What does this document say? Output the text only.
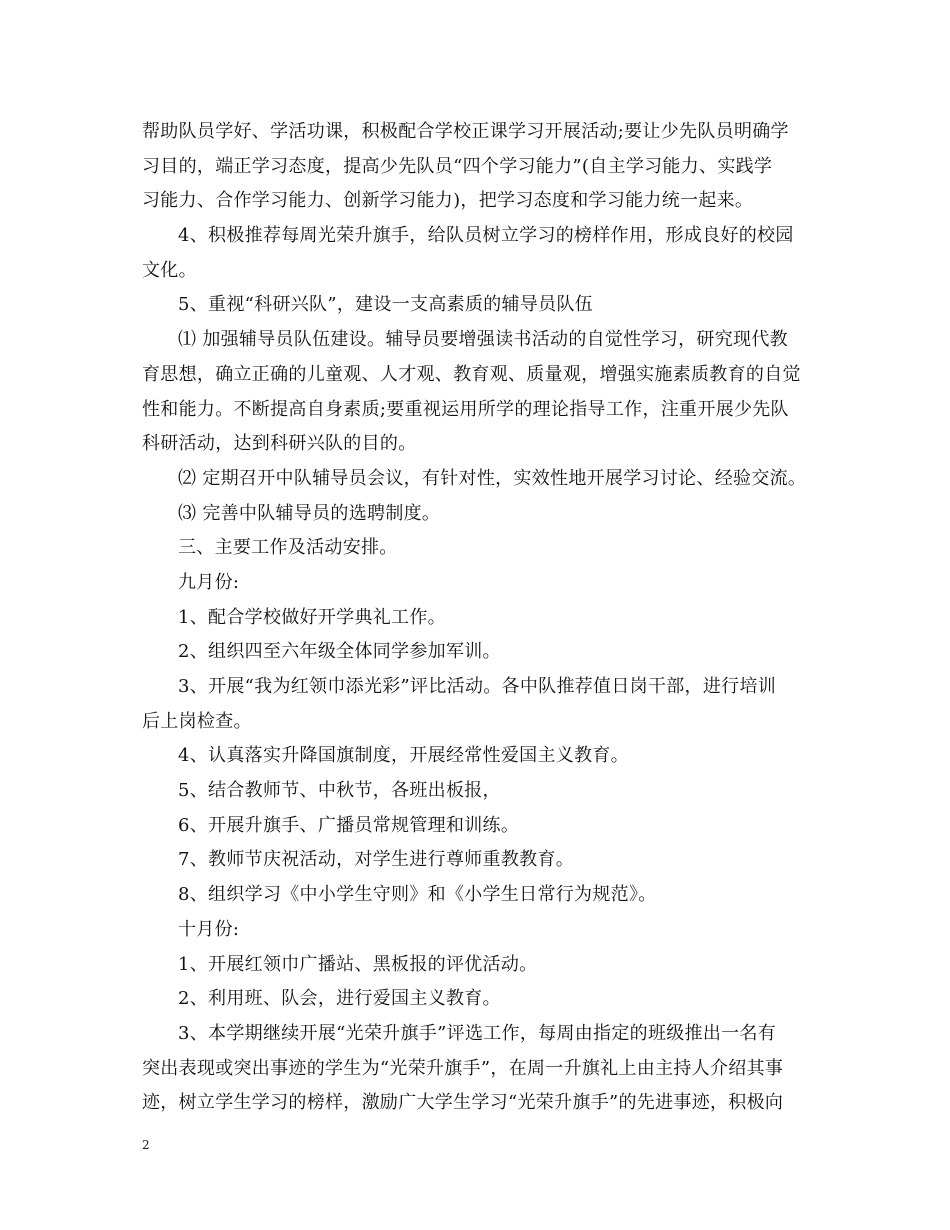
帮助队员学好、学活功课，积极配合学校正课学习开展活动;要让少先队员明确学
习目的，端正学习态度，提高少先队员“四个学习能力”(自主学习能力、实践学
习能力、合作学习能力、创新学习能力)，把学习态度和学习能力统一起来。
4、积极推荐每周光荣升旗手，给队员树立学习的榜样作用，形成良好的校园
文化。
5、重视“科研兴队”，建设一支高素质的辅导员队伍
⑴ 加强辅导员队伍建设。辅导员要增强读书活动的自觉性学习，研究现代教
育思想，确立正确的儿童观、人才观、教育观、质量观，增强实施素质教育的自觉
性和能力。不断提高自身素质;要重视运用所学的理论指导工作，注重开展少先队
科研活动，达到科研兴队的目的。
⑵ 定期召开中队辅导员会议，有针对性，实效性地开展学习讨论、经验交流。
⑶ 完善中队辅导员的选聘制度。
三、主要工作及活动安排。
九月份:
1、配合学校做好开学典礼工作。
2、组织四至六年级全体同学参加军训。
3、开展“我为红领巾添光彩”评比活动。各中队推荐值日岗干部，进行培训
后上岗检查。
4、认真落实升降国旗制度，开展经常性爱国主义教育。
5、结合教师节、中秋节，各班出板报，
6、开展升旗手、广播员常规管理和训练。
7、教师节庆祝活动，对学生进行尊师重教教育。
8、组织学习《中小学生守则》和《小学生日常行为规范》。
十月份:
1、开展红领巾广播站、黑板报的评优活动。
2、利用班、队会，进行爱国主义教育。
3、本学期继续开展“光荣升旗手”评选工作，每周由指定的班级推出一名有
突出表现或突出事迹的学生为“光荣升旗手”，在周一升旗礼上由主持人介绍其事
迹，树立学生学习的榜样，激励广大学生学习“光荣升旗手”的先进事迹，积极向
2
